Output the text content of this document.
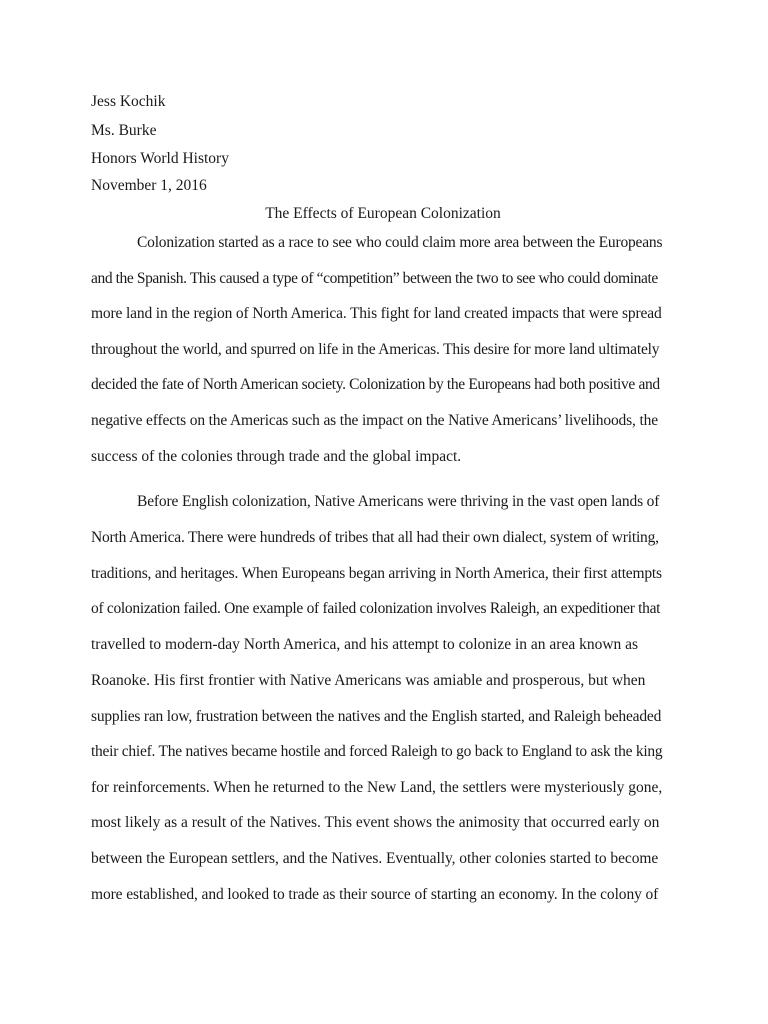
Jess Kochik
Ms. Burke
Honors World History
November 1, 2016
The Effects of European Colonization
Colonization started as a race to see who could claim more area between the Europeans
and the Spanish. This caused a type of “competition” between the two to see who could dominate
more land in the region of North America. This fight for land created impacts that were spread
throughout the world, and spurred on life in the Americas. This desire for more land ultimately
decided the fate of North American society. Colonization by the Europeans had both positive and
negative effects on the Americas such as the impact on the Native Americans’ livelihoods, the
success of the colonies through trade and the global impact.
Before English colonization, Native Americans were thriving in the vast open lands of
North America. There were hundreds of tribes that all had their own dialect, system of writing,
traditions, and heritages. When Europeans began arriving in North America, their first attempts
of colonization failed. One example of failed colonization involves Raleigh, an expeditioner that
travelled to modern-day North America, and his attempt to colonize in an area known as
Roanoke. His first frontier with Native Americans was amiable and prosperous, but when
supplies ran low, frustration between the natives and the English started, and Raleigh beheaded
their chief. The natives became hostile and forced Raleigh to go back to England to ask the king
for reinforcements. When he returned to the New Land, the settlers were mysteriously gone,
most likely as a result of the Natives. This event shows the animosity that occurred early on
between the European settlers, and the Natives. Eventually, other colonies started to become
more established, and looked to trade as their source of starting an economy. In the colony of
